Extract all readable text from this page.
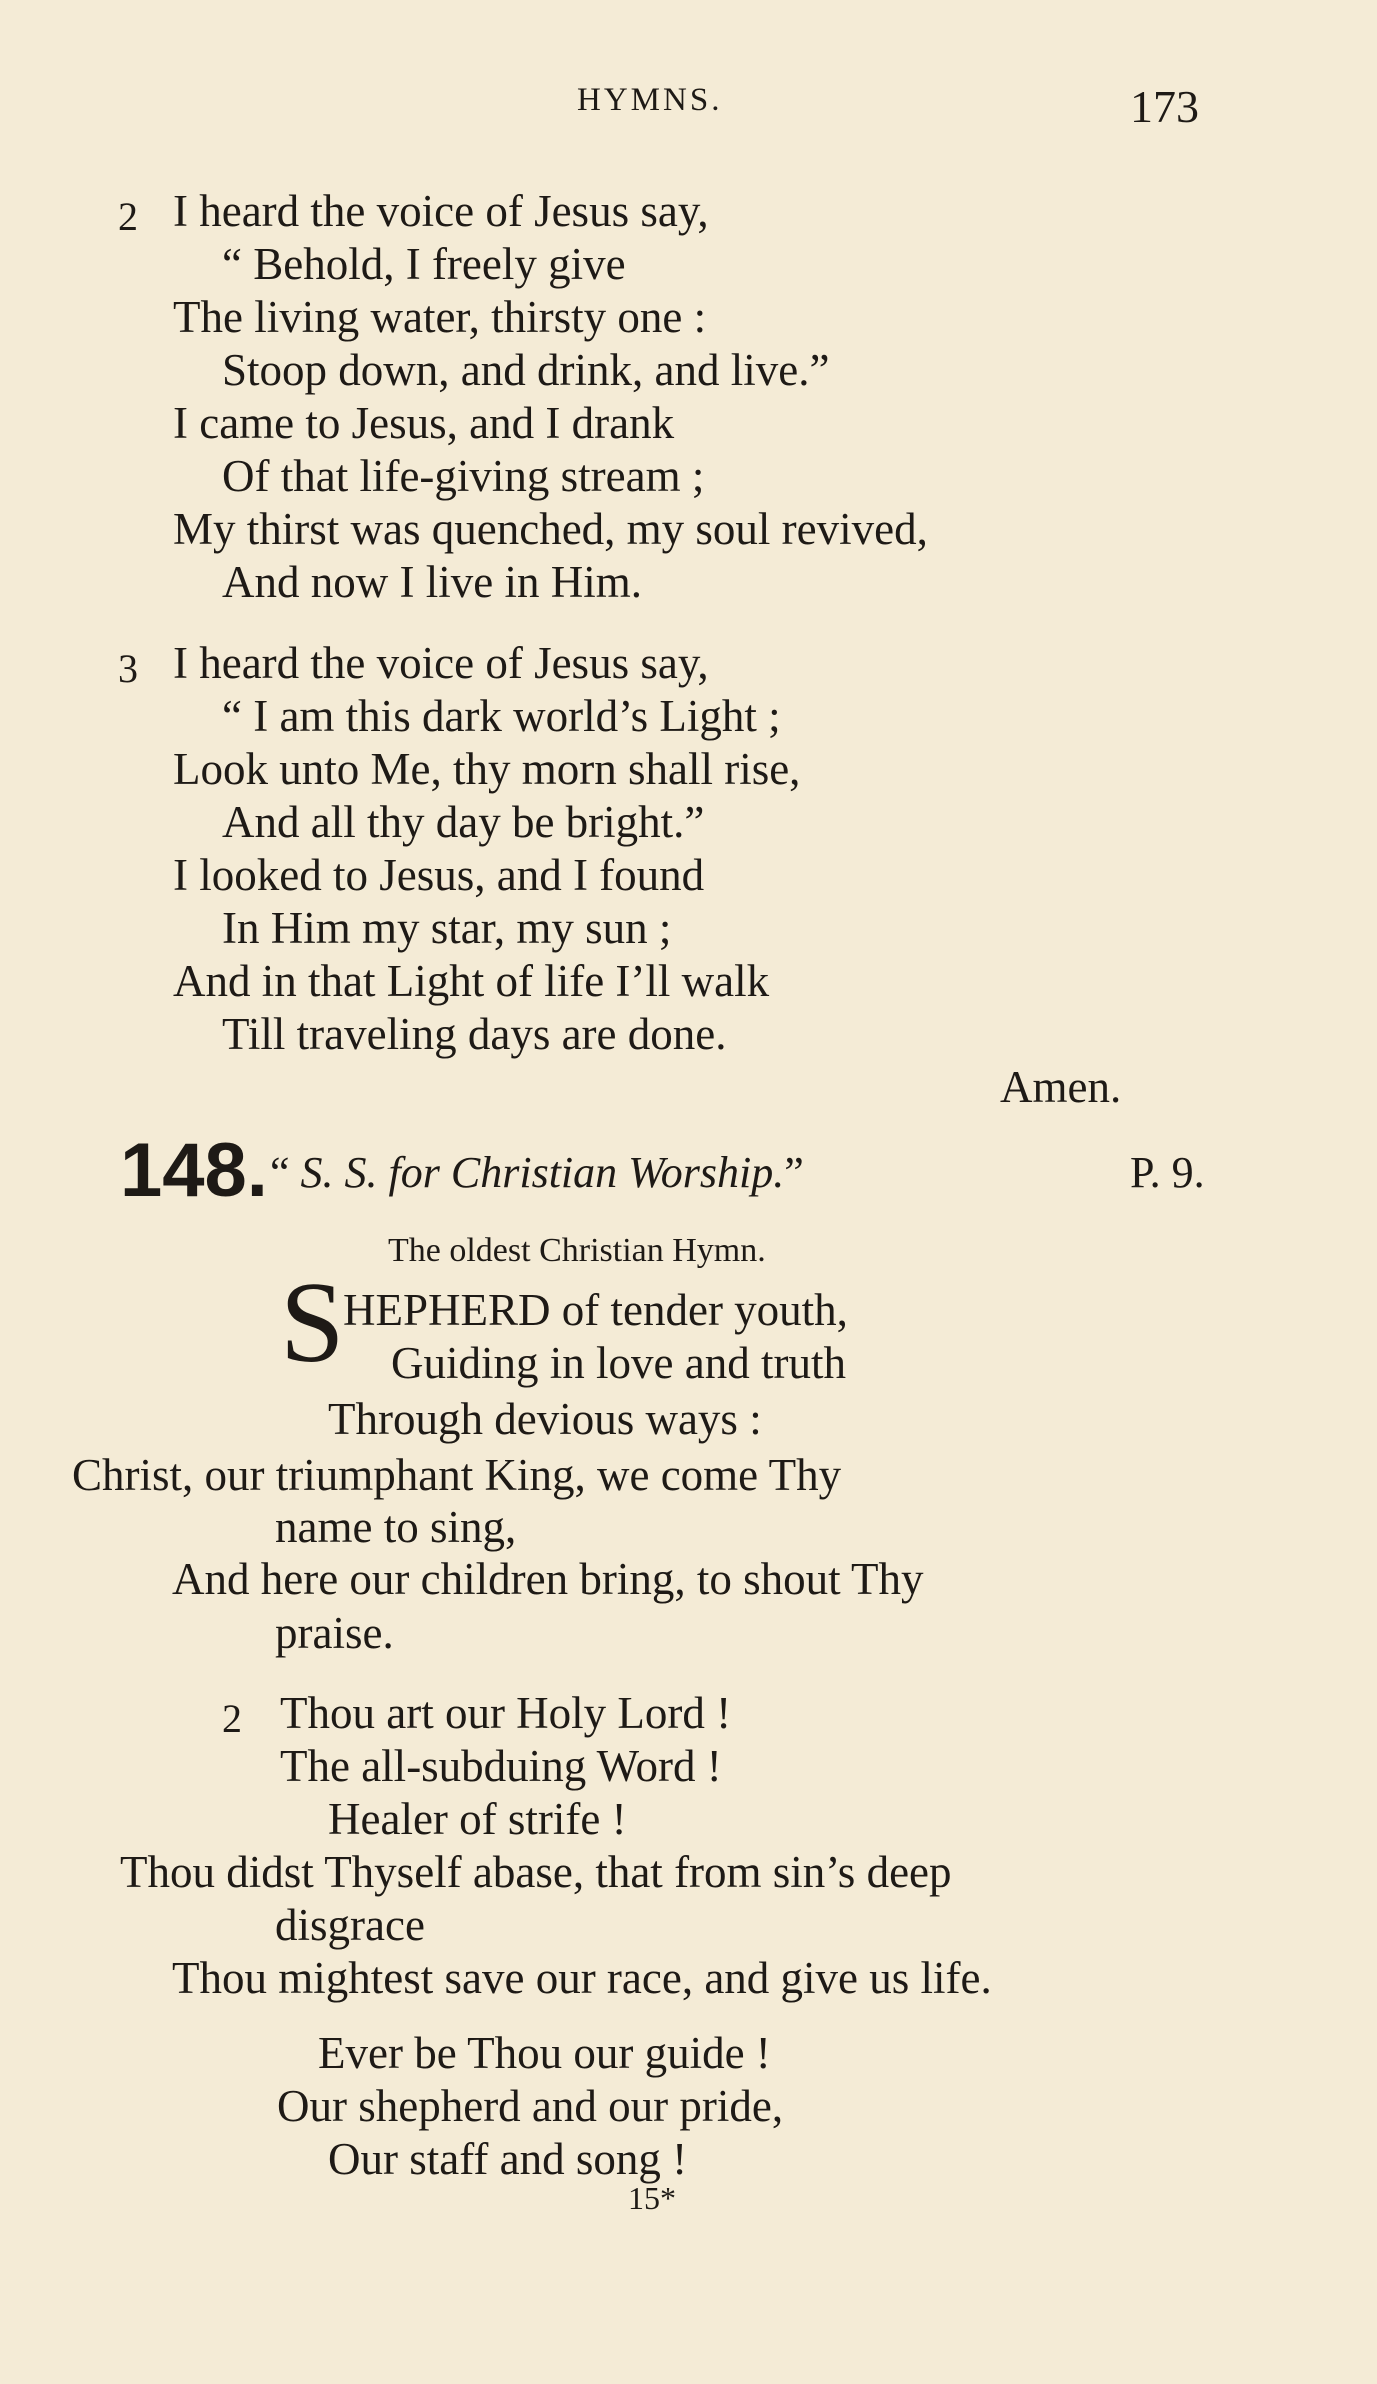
HYMNS.	173
2 I heard the voice of Jesus say,
“ Behold, I freely give
The living water, thirsty one :
Stoop down, and drink, and live.”
I came to Jesus, and I drank
Of that life-giving stream ;
My thirst was quenched, my soul revived,
And now I live in Him.
3 I heard the voice of Jesus say,
“ I am this dark world’s Light ;
Look unto Me, thy morn shall rise,
And all thy day be bright.”
I looked to Jesus, and I found
In Him my star, my sun ;
And in that Light of life I’ll walk
Till traveling days are done.
Amen.
148. “ S. S. for Christian Worship.”	P. 9.
The oldest Christian Hymn.
S
HEPHERD of tender youth,
Guiding in love and truth
Through devious ways :
Christ, our triumphant King, we come Thy
name to sing,
And here our children bring, to shout Thy
praise.
2 Thou art our Holy Lord !
The all-subduing Word !
Healer of strife !
Thou didst Thyself abase, that from sin’s deep
disgrace
Thou mightest save our race, and give us life.
Ever be Thou our guide !
Our shepherd and our pride,
Our staff and song !
15*
